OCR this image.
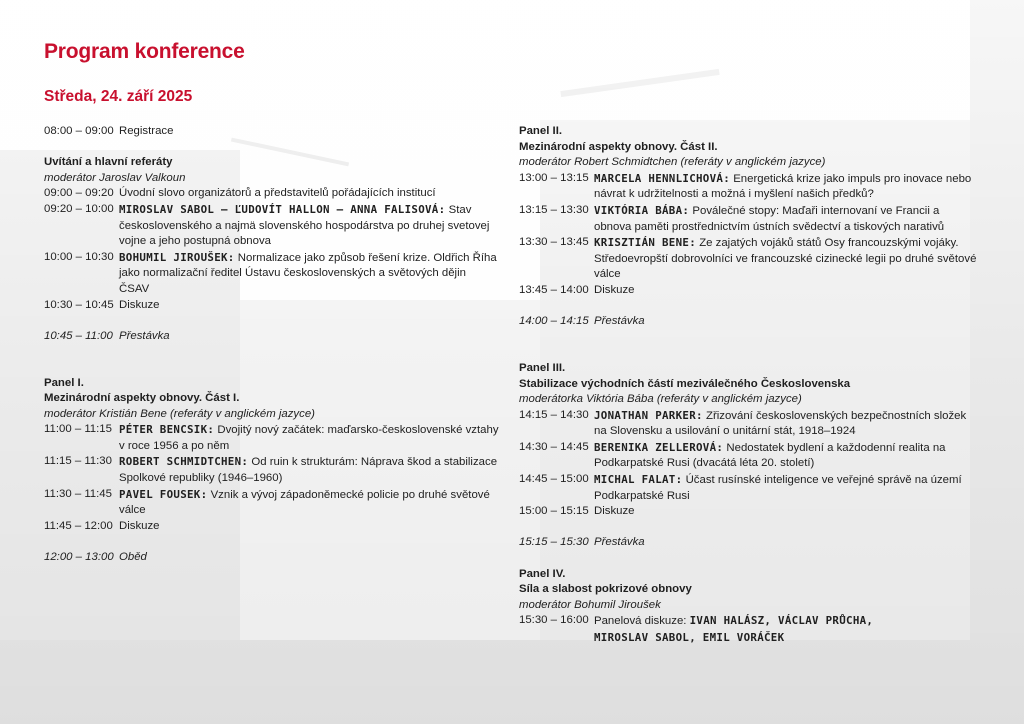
Program konference
Středa, 24. září 2025
08:00 – 09:00 Registrace
Uvítání a hlavní referáty
moderátor Jaroslav Valkoun
09:00 – 09:20 Úvodní slovo organizátorů a představitelů pořádajících institucí
09:20 – 10:00 MIROSLAV SABOL – ĽUDOVÍT HALLON – ANNA FALISOVÁ: Stav československého a najmä slovenského hospodárstva po druhej svetovej vojne a jeho postupná obnova
10:00 – 10:30 BOHUMIL JIROUŠEK: Normalizace jako způsob řešení krize. Oldřich Říha jako normalizační ředitel Ústavu československých a světových dějin ČSAV
10:30 – 10:45 Diskuze
10:45 – 11:00 Přestávka
Panel I.
Mezinárodní aspekty obnovy. Část I.
moderátor Kristián Bene (referáty v anglickém jazyce)
11:00 – 11:15 PÉTER BENCSIK: Dvojitý nový začátek: maďarsko-československé vztahy v roce 1956 a po něm
11:15 – 11:30 ROBERT SCHMIDTCHEN: Od ruin k strukturám: Náprava škod a stabilizace Spolkové republiky (1946–1960)
11:30 – 11:45 PAVEL FOUSEK: Vznik a vývoj západoněmecké policie po druhé světové válce
11:45 – 12:00 Diskuze
12:00 – 13:00 Oběd
Panel II.
Mezinárodní aspekty obnovy. Část II.
moderátor Robert Schmidtchen (referáty v anglickém jazyce)
13:00 – 13:15 MARCELA HENNLICHOVÁ: Energetická krize jako impuls pro inovace nebo návrat k udržitelnosti a možná i myšlení našich předků?
13:15 – 13:30 VIKTÓRIA BÁBA: Poválečné stopy: Maďaři internovaní ve Francii a obnova paměti prostřednictvím ústních svědectví a tiskových narativů
13:30 – 13:45 KRISZTIÁN BENE: Ze zajatých vojáků států Osy francouzskými vojáky. Středoevropští dobrovolníci ve francouzské cizinecké legii po druhé světové válce
13:45 – 14:00 Diskuze
14:00 – 14:15 Přestávka
Panel III.
Stabilizace východních částí meziválečného Československa
moderátorka Viktória Bába (referáty v anglickém jazyce)
14:15 – 14:30 JONATHAN PARKER: Zřizování československých bezpečnostních složek na Slovensku a usilování o unitární stát, 1918–1924
14:30 – 14:45 BERENIKA ZELLEROVÁ: Nedostatek bydlení a každodenní realita na Podkarpatské Rusi (dvacátá léta 20. století)
14:45 – 15:00 MICHAL FALAT: Účast rusínské inteligence ve veřejné správě na území Podkarpatské Rusi
15:00 – 15:15 Diskuze
15:15 – 15:30 Přestávka
Panel IV.
Síla a slabost pokrizové obnovy
moderátor Bohumil Jiroušek
15:30 – 16:00 Panelová diskuze: IVAN HALÁSZ, VÁCLAV PRŮCHA,
MIROSLAV SABOL, EMIL VORÁČEK
